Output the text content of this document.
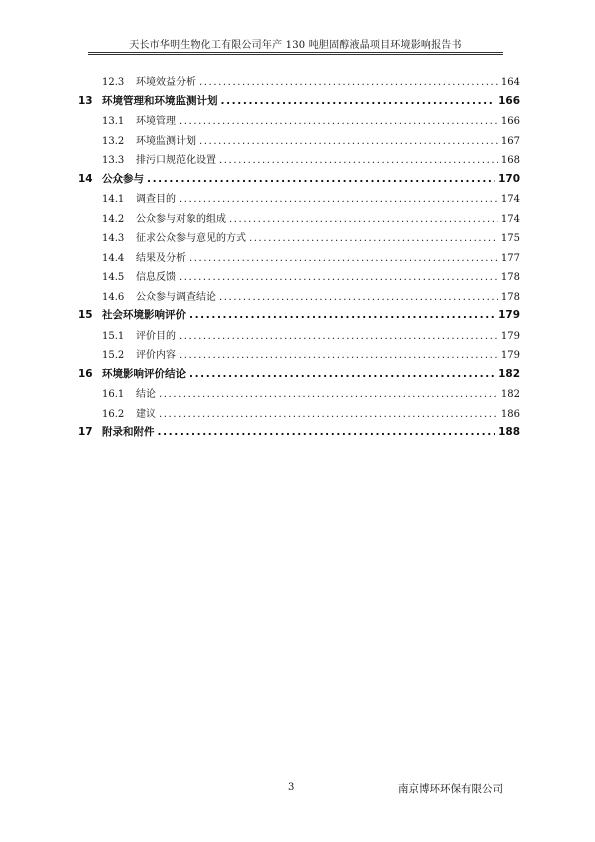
天长市华明生物化工有限公司年产 130 吨胆固醇液晶项目环境影响报告书
12.3 环境效益分析 .....	164
13 环境管理和环境监测计划 .....	166
13.1 环境管理 .....	166
13.2 环境监测计划 .....	167
13.3 排污口规范化设置 .....	168
14 公众参与 .....	170
14.1 调查目的 .....	174
14.2 公众参与对象的组成 .....	174
14.3 征求公众参与意见的方式 .....	175
14.4 结果及分析 .....	177
14.5 信息反馈 .....	178
14.6 公众参与调查结论 .....	178
15 社会环境影响评价 .....	179
15.1 评价目的 .....	179
15.2 评价内容 .....	179
16 环境影响评价结论 .....	182
16.1 结论 .....	182
16.2 建议 .....	186
17 附录和附件 .....	188
3	南京博环环保有限公司
